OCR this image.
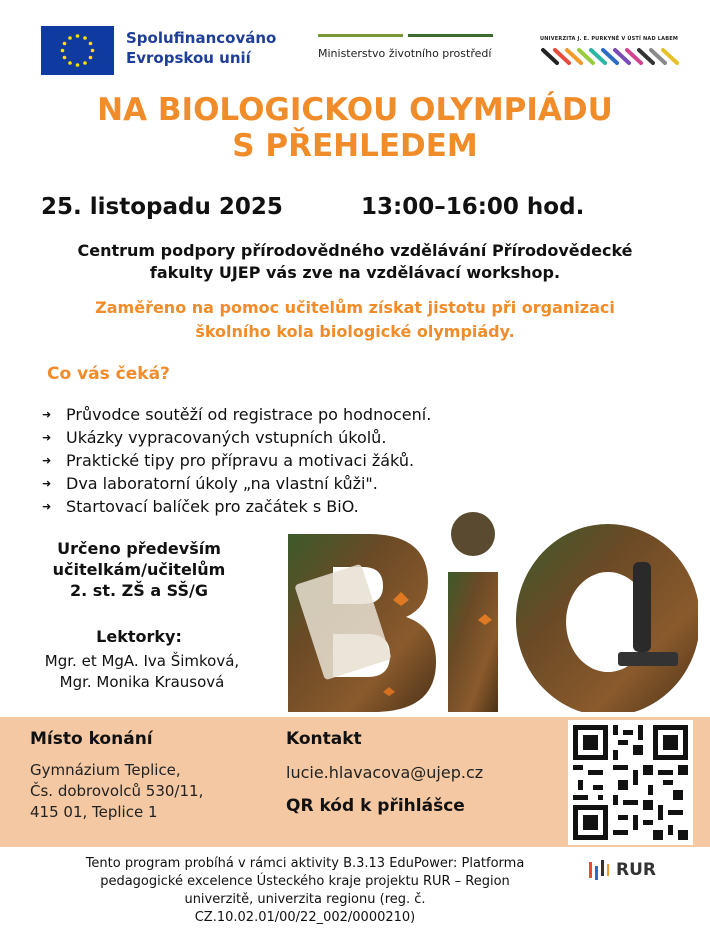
Spolufinancováno
Evropskou unií	Ministerstvo životního prostředí
UNIVERZITA J. E. PURKYNĚ V ÚSTÍ NAD LABEM
NA BIOLOGICKOU OLYMPIÁDU
S PŘEHLEDEM
25. listopadu 2025	13:00–16:00 hod.
Centrum podpory přírodovědného vzdělávání Přírodovědecké
fakulty UJEP vás zve na vzdělávací workshop.
Zaměřeno na pomoc učitelům získat jistotu při organizaci
školního kola biologické olympiády.
Co vás čeká?
➜ Průvodce soutěží od registrace po hodnocení.
➜ Ukázky vypracovaných vstupních úkolů.
➜ Praktické tipy pro přípravu a motivaci žáků.
➜ Dva laboratorní úkoly „na vlastní kůži".
➜ Startovací balíček pro začátek s BiO.
Určeno především
učitelkám/učitelům
2. st. ZŠ a SŠ/G
Lektorky:
Mgr. et MgA. Iva Šimková,
Mgr. Monika Krausová
Místo konání
Gymnázium Teplice,
Čs. dobrovolců 530/11,
415 01, Teplice 1
Kontakt
lucie.hlavacova@ujep.cz
QR kód k přihlášce
Tento program probíhá v rámci aktivity B.3.13 EduPower: Platforma
pedagogické excelence Ústeckého kraje projektu RUR – Region
univerzitě, univerzita regionu (reg. č.
CZ.10.02.01/00/22_002/0000210)
RUR
